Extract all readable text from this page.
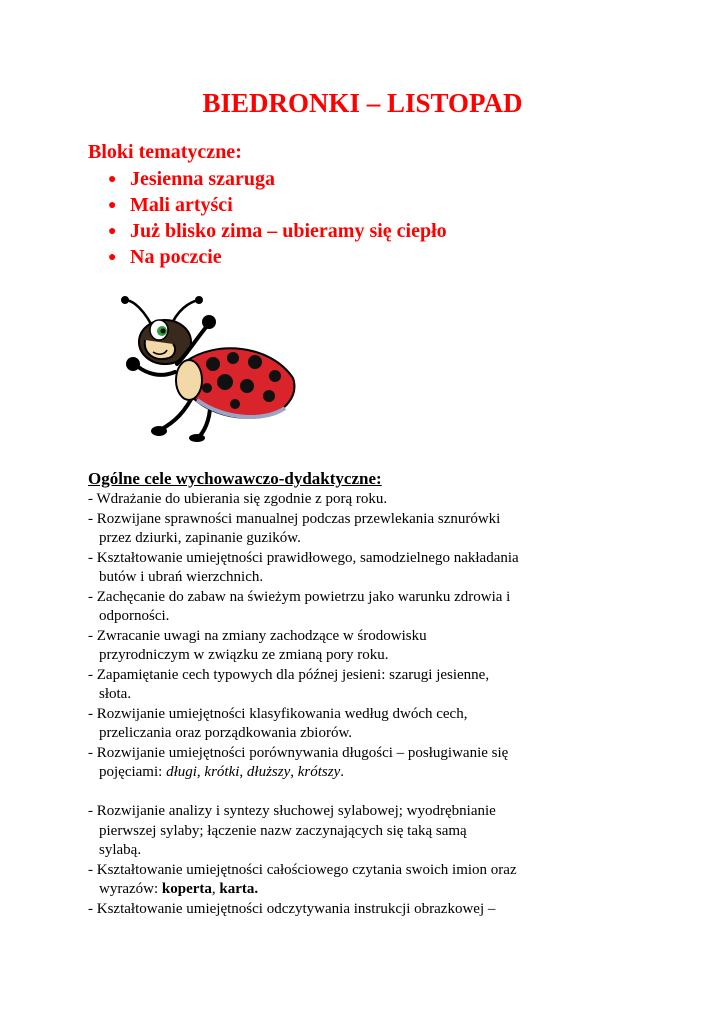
BIEDRONKI – LISTOPAD
Bloki tematyczne:
● Jesienna szaruga
● Mali artyści
● Już blisko zima – ubieramy się ciepło
● Na poczcie
Ogólne cele wychowawczo-dydaktyczne:
- Wdrażanie do ubierania się zgodnie z porą roku.
- Rozwijane sprawności manualnej podczas przewlekania sznurówki
przez dziurki, zapinanie guzików.
- Kształtowanie umiejętności prawidłowego, samodzielnego nakładania
butów i ubrań wierzchnich.
- Zachęcanie do zabaw na świeżym powietrzu jako warunku zdrowia i
odporności.
- Zwracanie uwagi na zmiany zachodzące w środowisku
przyrodniczym w związku ze zmianą pory roku.
- Zapamiętanie cech typowych dla późnej jesieni: szarugi jesienne,
słota.
- Rozwijanie umiejętności klasyfikowania według dwóch cech,
przeliczania oraz porządkowania zbiorów.
- Rozwijanie umiejętności porównywania długości – posługiwanie się
pojęciami: długi, krótki, dłuższy, krótszy.
- Rozwijanie analizy i syntezy słuchowej sylabowej; wyodrębnianie
pierwszej sylaby; łączenie nazw zaczynających się taką samą
sylabą.
- Kształtowanie umiejętności całościowego czytania swoich imion oraz
wyrazów: koperta, karta.
- Kształtowanie umiejętności odczytywania instrukcji obrazkowej –
